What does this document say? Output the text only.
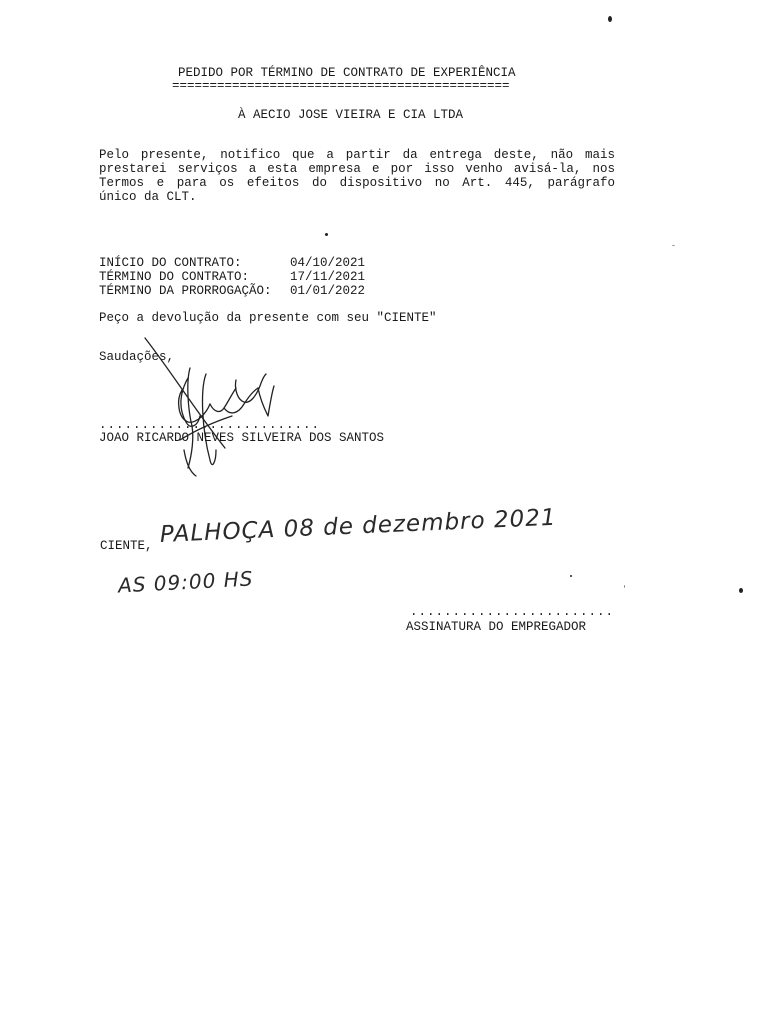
PEDIDO POR TÉRMINO DE CONTRATO DE EXPERIÊNCIA
=============================================
À AECIO JOSE VIEIRA E CIA LTDA
Pelo presente, notifico que a partir da entrega deste, não mais
prestarei serviços a esta empresa e por isso venho avisá-la, nos
Termos e para os efeitos do dispositivo no Art. 445, parágrafo
único da CLT.
INÍCIO DO CONTRATO:	04/10/2021
TÉRMINO DO CONTRATO:	17/11/2021
TÉRMINO DA PRORROGAÇÃO: 01/01/2022
Peço a devolução da presente com seu "CIENTE"
Saudações,
..........................
JOAO RICARDO NEVES SILVEIRA DOS SANTOS
CIENTE, PALHOÇA 08 de dezembro 2021
AS 09:00 HS
........................
ASSINATURA DO EMPREGADOR
